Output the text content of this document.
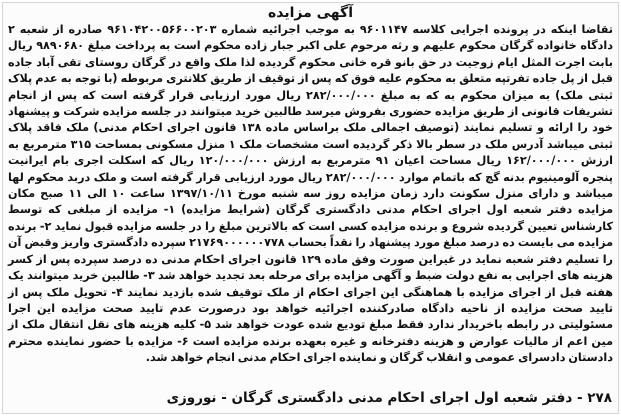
آگهی مزایده

تقاضا اینکه در پرونده اجرایی کلاسه ۹۶۰۱۱۴۷ به موجب اجرائیه شماره ۹۶۱۰۴۲۰۰۵۶۶۰۰۲۰۳ صادره از شعبه ۲ دادگاه خانواده گرگان محکوم علیهم و رثه مرحوم علی اکبر جبار زاده محکوم است به پرداخت مبلغ ۹۸۹۰۶۸۰ ریال بابت اجرت المثل ایام زوجیت در حق بانو قره خانی محکوم گردیده لذا ملک واقع در گرگان روستای تقی آباد جاده قبل از پل جاده تفرتپه متعلق به محکوم علیه فوق که پس از توقیف از طریق کلانتری مربوطه (با توجه به عدم پلاک ثبتی ملک) به میزان محکوم به که به مبلغ ۲۸۲/۰۰۰/۰۰۰ ریال مورد ارزیابی قرار گرفته است که پس از انجام تشریفات قانونی از طریق مزایده حضوری بفروش میرسد طالبین خرید میتوانند در جلسه مزایده شرکت و پیشنهاد خود را ارائه و تسلیم نمایند (توصیف اجمالی ملک براساس ماده ۱۳۸ قانون اجرای احکام مدنی) ملک فاقد پلاک ثبتی میباشد آدرس ملک در سطر بالا ذکر گردیده است مشخصات ملک ۱ منزل مسکونی بمساحت ۳۱۵ مترمربع به ارزش ۱۶۲/۰۰۰/۰۰۰ ریال مساحت اعیان ۹۱ مترمربع به ارزش ۱۲۰/۰۰۰/۰۰۰ ریال که اسکلت اجری بام ایرانیت پنجره آلومینیوم بدنه گچ که باتمام موارد ۲۸۲/۰۰۰/۰۰۰ ریال مورد ارزیابی قرار گرفته است و ملک دربد محکوم لها میباشد و دارای منزل سکونت دارد زمان مزایده روز سه شنبه مورخ ۱۳۹۷/۱۰/۱۱ ساعت ۱۰ الی ۱۱ صبح مکان مزایده دفتر شعبه اول اجرای احکام مدنی دادگستری گرگان (شرایط مزایده) ۱- مزایده از مبلغی که توسط کارشناس تعیین گردیده شروع و برنده مزایده کسی است که بالاترین مبلغ را در جلسه مزایده قبول نماید ۲- برنده مزایده می بایست ده درصد مبلغ مورد پیشنهاد را نقداً بحساب ۲۱۷۶۹۰۰۰۰۰۰۷۷۸ سپرده دادگستری واریز وقبض آن را تسلیم دفتر شعبه نماید در غیراین صورت وفق ماده ۱۲۹ قانون اجرای احکام مدنی ده درصد سپرده پس از کسر هزینه های اجرایی به نفع دولت ضبط و آگهی مزایده برای مرحله بعد تجدید خواهد شد ۳- طالبین خرید میتوانند یک هفته قبل از اجرای مزایده با هماهنگی این اجرای احکام از ملک توقیف شده بازدید نمایند ۴- تحویل ملک پس از تایید صحت مزایده از ناحیه دادگاه صادرکننده اجرائیه خواهد بود درصورت عدم تایید صحت مزایده این اجرا مسئولیتی در رابطه باخریدار ندارد فقط مبلغ تودیع شده عودت خواهد شد ۵- کلیه هزینه های نقل انتقال ملک از مین اعم از مالیات عوارض و هزینه دفترخانه و غیره بعهده برنده مزایده است ۶- مزایده با حضور نماینده محترم دادستان دادسرای عمومی و انقلاب گرگان و نماینده اجرای احکام مدنی انجام خواهد شد.

۲۷۸ - دفتر شعبه اول اجرای احکام مدنی دادگستری گرگان - نوروزی
